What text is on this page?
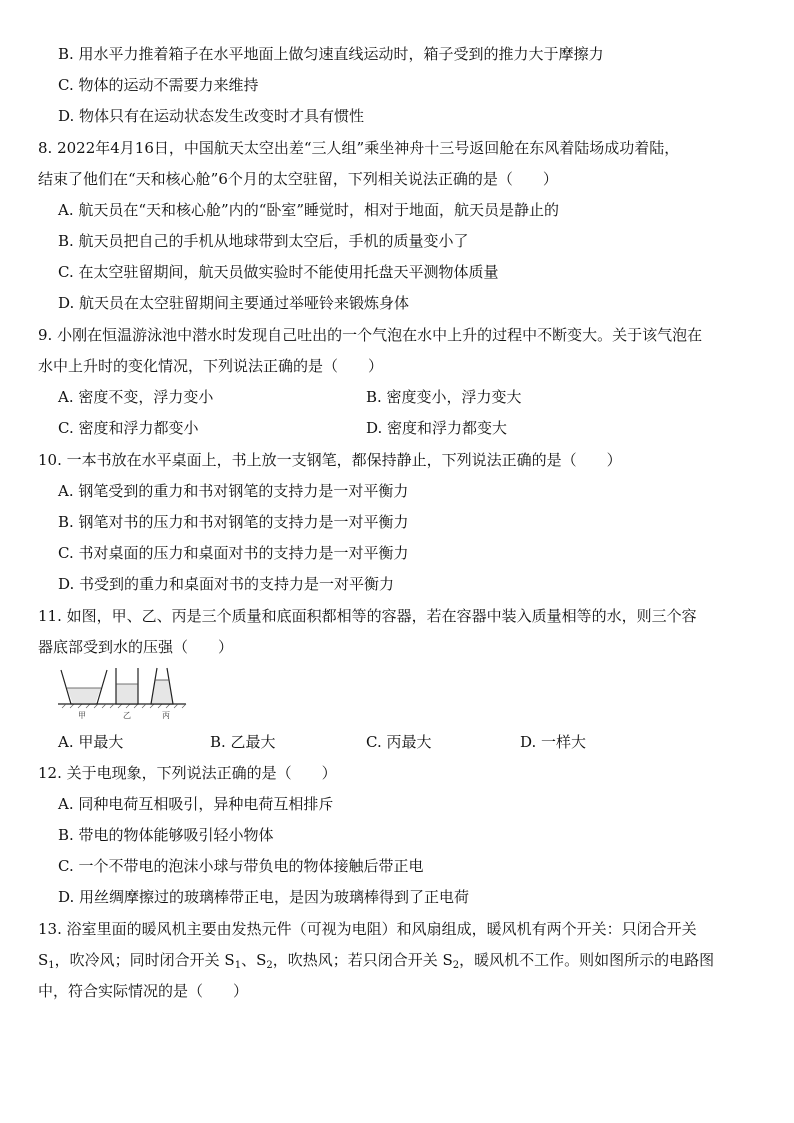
B. 用水平力推着箱子在水平地面上做匀速直线运动时，箱子受到的推力大于摩擦力
C. 物体的运动不需要力来维持
D. 物体只有在运动状态发生改变时才具有惯性
8. 2022年4月16日，中国航天太空出差“三人组”乘坐神舟十三号返回舱在东风着陆场成功着陆，
结束了他们在“天和核心舱”6个月的太空驻留，下列相关说法正确的是（　　）
A. 航天员在“天和核心舱”内的“卧室”睡觉时，相对于地面，航天员是静止的
B. 航天员把自己的手机从地球带到太空后，手机的质量变小了
C. 在太空驻留期间，航天员做实验时不能使用托盘天平测物体质量
D. 航天员在太空驻留期间主要通过举哑铃来锻炼身体
9. 小刚在恒温游泳池中潜水时发现自己吐出的一个气泡在水中上升的过程中不断变大。关于该气泡在
水中上升时的变化情况，下列说法正确的是（　　）
A. 密度不变，浮力变小	B. 密度变小，浮力变大
C. 密度和浮力都变小	D. 密度和浮力都变大
10. 一本书放在水平桌面上，书上放一支钢笔，都保持静止，下列说法正确的是（　　）
A. 钢笔受到的重力和书对钢笔的支持力是一对平衡力
B. 钢笔对书的压力和书对钢笔的支持力是一对平衡力
C. 书对桌面的压力和桌面对书的支持力是一对平衡力
D. 书受到的重力和桌面对书的支持力是一对平衡力
11. 如图，甲、乙、丙是三个质量和底面积都相等的容器，若在容器中装入质量相等的水，则三个容
器底部受到水的压强（　　）
甲	乙	丙
A. 甲最大	B. 乙最大	C. 丙最大	D. 一样大
12. 关于电现象，下列说法正确的是（　　）
A. 同种电荷互相吸引，异种电荷互相排斥
B. 带电的物体能够吸引轻小物体
C. 一个不带电的泡沫小球与带负电的物体接触后带正电
D. 用丝绸摩擦过的玻璃棒带正电，是因为玻璃棒得到了正电荷
13. 浴室里面的暖风机主要由发热元件（可视为电阻）和风扇组成，暖风机有两个开关：只闭合开关
$S_1$，吹冷风；同时闭合开关 $S_1$、$S_2$，吹热风；若只闭合开关 $S_2$，暖风机不工作。则如图所示的电路图
中，符合实际情况的是（　　）
